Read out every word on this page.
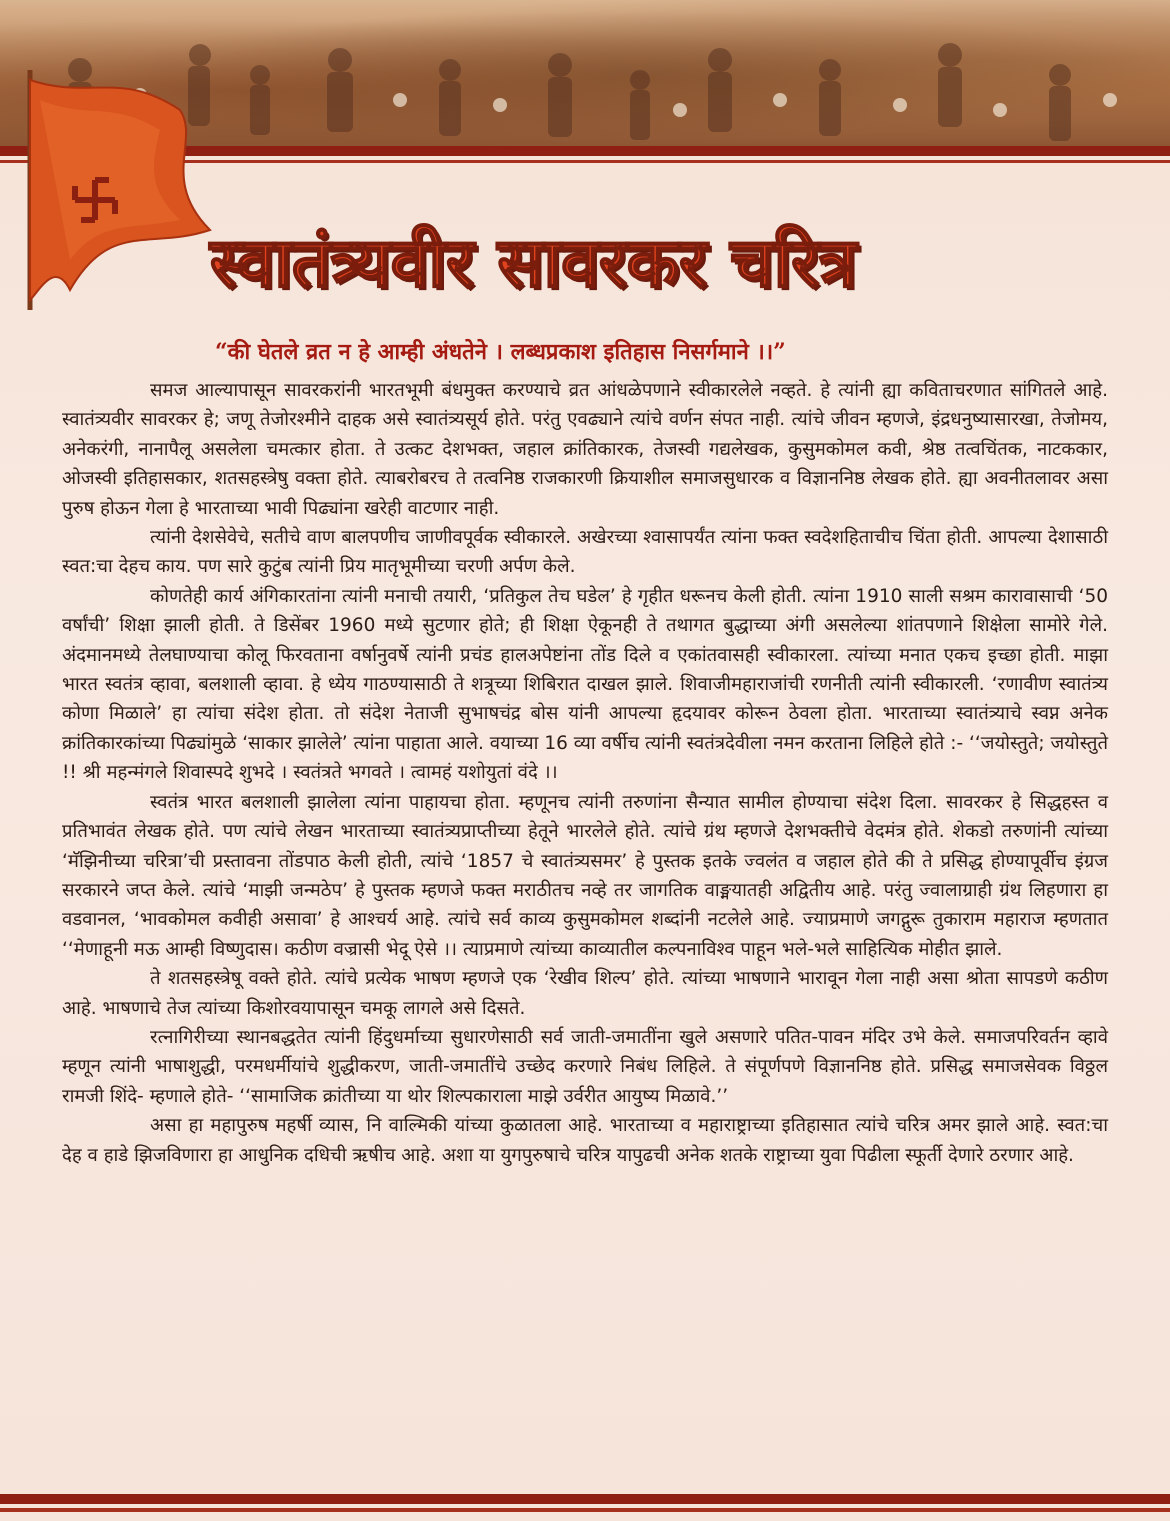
स्वातंत्र्यवीर सावरकर चरित्र

“की घेतले व्रत न हे आम्ही अंधतेने । लब्धप्रकाश इतिहास निसर्गमाने ।।”

समज आल्यापासून सावरकरांनी भारतभूमी बंधमुक्त करण्याचे व्रत आंधळेपणाने स्वीकारलेले नव्हते. हे त्यांनी ह्या कविताचरणात सांगितले आहे. स्वातंत्र्यवीर सावरकर हे; जणू तेजोरश्मीने दाहक असे स्वातंत्र्यसूर्य होते. परंतु एवढ्याने त्यांचे वर्णन संपत नाही. त्यांचे जीवन म्हणजे, इंद्रधनुष्यासारखा, तेजोमय, अनेकरंगी, नानापैलू असलेला चमत्कार होता. ते उत्कट देशभक्त, जहाल क्रांतिकारक, तेजस्वी गद्यलेखक, कुसुमकोमल कवी, श्रेष्ठ तत्वचिंतक, नाटककार, ओजस्वी इतिहासकार, शतसहस्त्रेषु वक्ता होते. त्याबरोबरच ते तत्वनिष्ठ राजकारणी क्रियाशील समाजसुधारक व विज्ञाननिष्ठ लेखक होते. ह्या अवनीतलावर असा पुरुष होऊन गेला हे भारताच्या भावी पिढ्यांना खरेही वाटणार नाही.

त्यांनी देशसेवेचे, सतीचे वाण बालपणीच जाणीवपूर्वक स्वीकारले. अखेरच्या श्वासापर्यंत त्यांना फक्त स्वदेशहिताचीच चिंता होती. आपल्या देशासाठी स्वत:चा देहच काय. पण सारे कुटुंब त्यांनी प्रिय मातृभूमीच्या चरणी अर्पण केले.

कोणतेही कार्य अंगिकारतांना त्यांनी मनाची तयारी, ‘प्रतिकुल तेच घडेल’ हे गृहीत धरूनच केली होती. त्यांना 1910 साली सश्रम कारावासाची ‘50 वर्षांची’ शिक्षा झाली होती. ते डिसेंबर 1960 मध्ये सुटणार होते; ही शिक्षा ऐकूनही ते तथागत बुद्धाच्या अंगी असलेल्या शांतपणाने शिक्षेला सामोरे गेले. अंदमानमध्ये तेलघाण्याचा कोलू फिरवताना वर्षानुवर्षे त्यांनी प्रचंड हालअपेष्टांना तोंड दिले व एकांतवासही स्वीकारला. त्यांच्या मनात एकच इच्छा होती. माझा भारत स्वतंत्र व्हावा, बलशाली व्हावा. हे ध्येय गाठण्यासाठी ते शत्रूच्या शिबिरात दाखल झाले. शिवाजीमहाराजांची रणनीती त्यांनी स्वीकारली. ‘रणावीण स्वातंत्र्य कोणा मिळाले’ हा त्यांचा संदेश होता. तो संदेश नेताजी सुभाषचंद्र बोस यांनी आपल्या हृदयावर कोरून ठेवला होता. भारताच्या स्वातंत्र्याचे स्वप्न अनेक क्रांतिकारकांच्या पिढ्यांमुळे ‘साकार झालेले’ त्यांना पाहाता आले. वयाच्या 16 व्या वर्षीच त्यांनी स्वतंत्रदेवीला नमन करताना लिहिले होते :- ‘‘जयोस्तुते; जयोस्तुते !! श्री महन्मंगले शिवास्पदे शुभदे । स्वतंत्रते भगवते । त्वामहं यशोयुतां वंदे ।।

स्वतंत्र भारत बलशाली झालेला त्यांना पाहायचा होता. म्हणूनच त्यांनी तरुणांना सैन्यात सामील होण्याचा संदेश दिला. सावरकर हे सिद्धहस्त व प्रतिभावंत लेखक होते. पण त्यांचे लेखन भारताच्या स्वातंत्र्यप्राप्तीच्या हेतूने भारलेले होते. त्यांचे ग्रंथ म्हणजे देशभक्तीचे वेदमंत्र होते. शेकडो तरुणांनी त्यांच्या ‘मॅझिनीच्या चरित्रा’ची प्रस्तावना तोंडपाठ केली होती, त्यांचे ‘1857 चे स्वातंत्र्यसमर’ हे पुस्तक इतके ज्वलंत व जहाल होते की ते प्रसिद्ध होण्यापूर्वीच इंग्रज सरकारने जप्त केले. त्यांचे ‘माझी जन्मठेप’ हे पुस्तक म्हणजे फक्त मराठीतच नव्हे तर जागतिक वाङ्मयातही अद्वितीय आहे. परंतु ज्वालाग्राही ग्रंथ लिहणारा हा वडवानल, ‘भावकोमल कवीही असावा’ हे आश्चर्य आहे. त्यांचे सर्व काव्य कुसुमकोमल शब्दांनी नटलेले आहे. ज्याप्रमाणे जगद्गुरू तुकाराम महाराज म्हणतात ‘‘मेणाहूनी मऊ आम्ही विष्णुदास। कठीण वज्रासी भेदू ऐसे ।। त्याप्रमाणे त्यांच्या काव्यातील कल्पनाविश्व पाहून भले-भले साहित्यिक मोहीत झाले.

ते शतसहस्त्रेषू वक्ते होते. त्यांचे प्रत्येक भाषण म्हणजे एक ‘रेखीव शिल्प’ होते. त्यांच्या भाषणाने भारावून गेला नाही असा श्रोता सापडणे कठीण आहे. भाषणाचे तेज त्यांच्या किशोरवयापासून चमकू लागले असे दिसते.

रत्नागिरीच्या स्थानबद्धतेत त्यांनी हिंदुधर्माच्या सुधारणेसाठी सर्व जाती-जमातींना खुले असणारे पतित-पावन मंदिर उभे केले. समाजपरिवर्तन व्हावे म्हणून त्यांनी भाषाशुद्धी, परमधर्मीयांचे शुद्धीकरण, जाती-जमातींचे उच्छेद करणारे निबंध लिहिले. ते संपूर्णपणे विज्ञाननिष्ठ होते. प्रसिद्ध समाजसेवक विठ्ठल रामजी शिंदे- म्हणाले होते- ‘‘सामाजिक क्रांतीच्या या थोर शिल्पकाराला माझे उर्वरीत आयुष्य मिळावे.’’

असा हा महापुरुष महर्षी व्यास, नि वाल्मिकी यांच्या कुळातला आहे. भारताच्या व महाराष्ट्राच्या इतिहासात त्यांचे चरित्र अमर झाले आहे. स्वत:चा देह व हाडे झिजविणारा हा आधुनिक दधिची ऋषीच आहे. अशा या युगपुरुषाचे चरित्र यापुढची अनेक शतके राष्ट्राच्या युवा पिढीला स्फूर्ती देणारे ठरणार आहे.
